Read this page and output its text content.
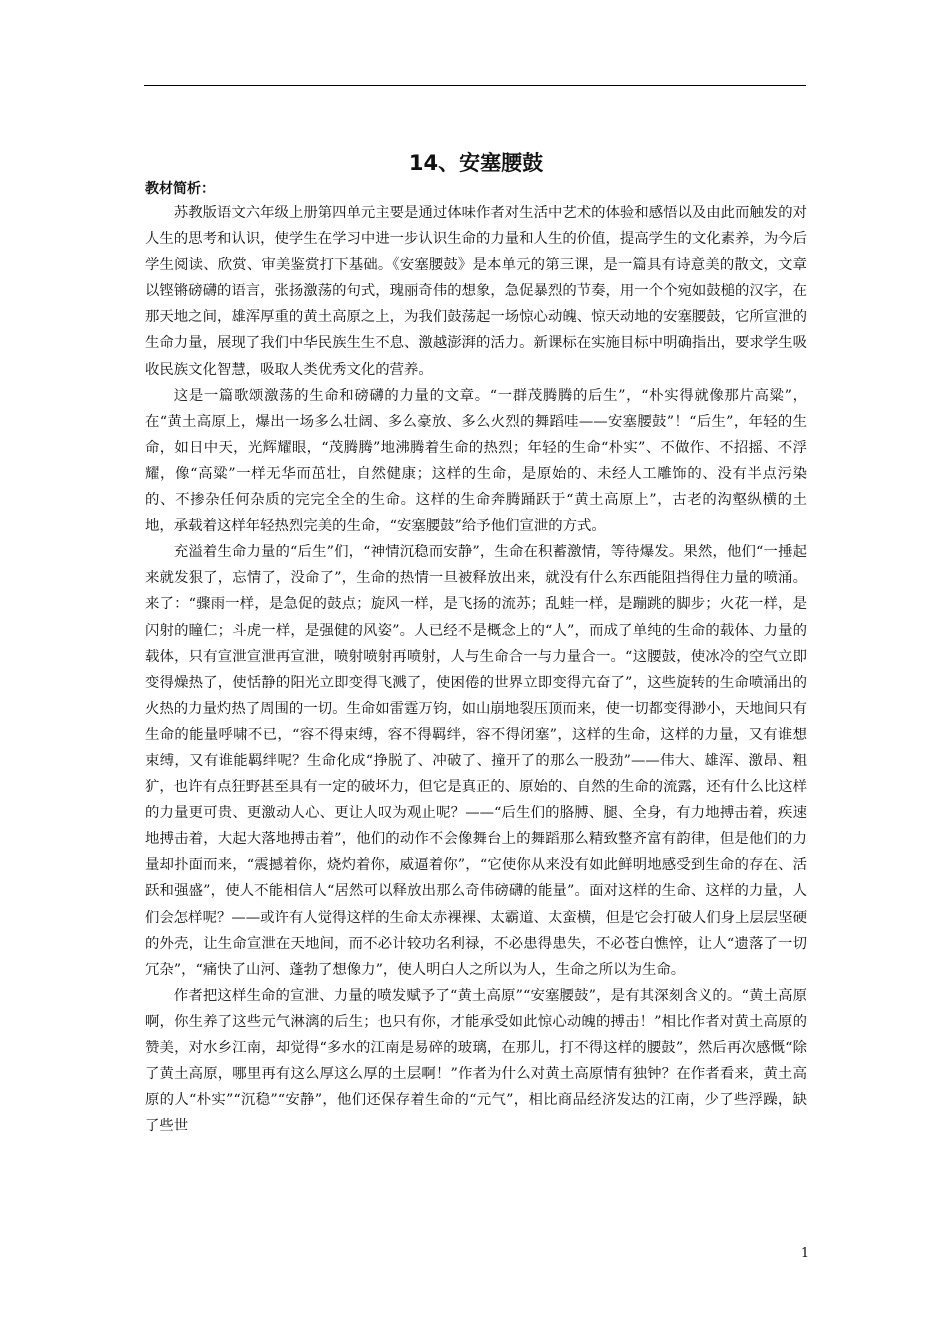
14、安塞腰鼓
教材简析：

苏教版语文六年级上册第四单元主要是通过体味作者对生活中艺术的体验和感悟以及由此而触发的对人生的思考和认识，使学生在学习中进一步认识生命的力量和人生的价值，提高学生的文化素养，为今后学生阅读、欣赏、审美鉴赏打下基础。《安塞腰鼓》是本单元的第三课，是一篇具有诗意美的散文，文章以铿锵磅礴的语言，张扬激荡的句式，瑰丽奇伟的想象，急促暴烈的节奏，用一个个宛如鼓槌的汉字，在那天地之间，雄浑厚重的黄土高原之上，为我们鼓荡起一场惊心动魄、惊天动地的安塞腰鼓，它所宣泄的生命力量，展现了我们中华民族生生不息、激越澎湃的活力。新课标在实施目标中明确指出，要求学生吸收民族文化智慧，吸取人类优秀文化的营养。

这是一篇歌颂激荡的生命和磅礴的力量的文章。“一群茂腾腾的后生”，“朴实得就像那片高粱”，在“黄土高原上，爆出一场多么壮阔、多么豪放、多么火烈的舞蹈哇——安塞腰鼓”！“后生”，年轻的生命，如日中天，光辉耀眼，“茂腾腾”地沸腾着生命的热烈；年轻的生命“朴实”、不做作、不招摇、不浮耀，像“高粱”一样无华而茁壮，自然健康；这样的生命，是原始的、未经人工雕饰的、没有半点污染的、不掺杂任何杂质的完完全全的生命。这样的生命奔腾踊跃于“黄土高原上”，古老的沟壑纵横的土地，承载着这样年轻热烈完美的生命，“安塞腰鼓”给予他们宣泄的方式。

充溢着生命力量的“后生”们，“神情沉稳而安静”，生命在积蓄激情，等待爆发。果然，他们“一捶起来就发狠了，忘情了，没命了”，生命的热情一旦被释放出来，就没有什么东西能阻挡得住力量的喷涌。来了：“骤雨一样，是急促的鼓点；旋风一样，是飞扬的流苏；乱蛙一样，是蹦跳的脚步；火花一样，是闪射的瞳仁；斗虎一样，是强健的风姿”。人已经不是概念上的“人”，而成了单纯的生命的载体、力量的载体，只有宣泄宣泄再宣泄，喷射喷射再喷射，人与生命合一与力量合一。“这腰鼓，使冰冷的空气立即变得燥热了，使恬静的阳光立即变得飞溅了，使困倦的世界立即变得亢奋了”，这些旋转的生命喷涌出的火热的力量灼热了周围的一切。生命如雷霆万钧，如山崩地裂压顶而来，使一切都变得渺小，天地间只有生命的能量呼啸不已，“容不得束缚，容不得羁绊，容不得闭塞”，这样的生命，这样的力量，又有谁想束缚，又有谁能羁绊呢？生命化成“挣脱了、冲破了、撞开了的那么一股劲”——伟大、雄浑、激昂、粗犷，也许有点狂野甚至具有一定的破坏力，但它是真正的、原始的、自然的生命的流露，还有什么比这样的力量更可贵、更激动人心、更让人叹为观止呢？——“后生们的胳膊、腿、全身，有力地搏击着，疾速地搏击着，大起大落地搏击着”，他们的动作不会像舞台上的舞蹈那么精致整齐富有韵律，但是他们的力量却扑面而来，“震撼着你，烧灼着你，威逼着你”，“它使你从来没有如此鲜明地感受到生命的存在、活跃和强盛”，使人不能相信人“居然可以释放出那么奇伟磅礴的能量”。面对这样的生命、这样的力量，人们会怎样呢？——或许有人觉得这样的生命太赤裸裸、太霸道、太蛮横，但是它会打破人们身上层层坚硬的外壳，让生命宣泄在天地间，而不必计较功名利禄，不必患得患失，不必苍白憔悴，让人“遗落了一切冗杂”，“痛快了山河、蓬勃了想像力”，使人明白人之所以为人，生命之所以为生命。

作者把这样生命的宣泄、力量的喷发赋予了“黄土高原”“安塞腰鼓”，是有其深刻含义的。“黄土高原啊，你生养了这些元气淋漓的后生；也只有你，才能承受如此惊心动魄的搏击！”相比作者对黄土高原的赞美，对水乡江南，却觉得“多水的江南是易碎的玻璃，在那儿，打不得这样的腰鼓”，然后再次感慨“除了黄土高原，哪里再有这么厚这么厚的土层啊！”作者为什么对黄土高原情有独钟？在作者看来，黄土高原的人“朴实”“沉稳”“安静”，他们还保存着生命的“元气”，相比商品经济发达的江南，少了些浮躁，缺了些世

1
